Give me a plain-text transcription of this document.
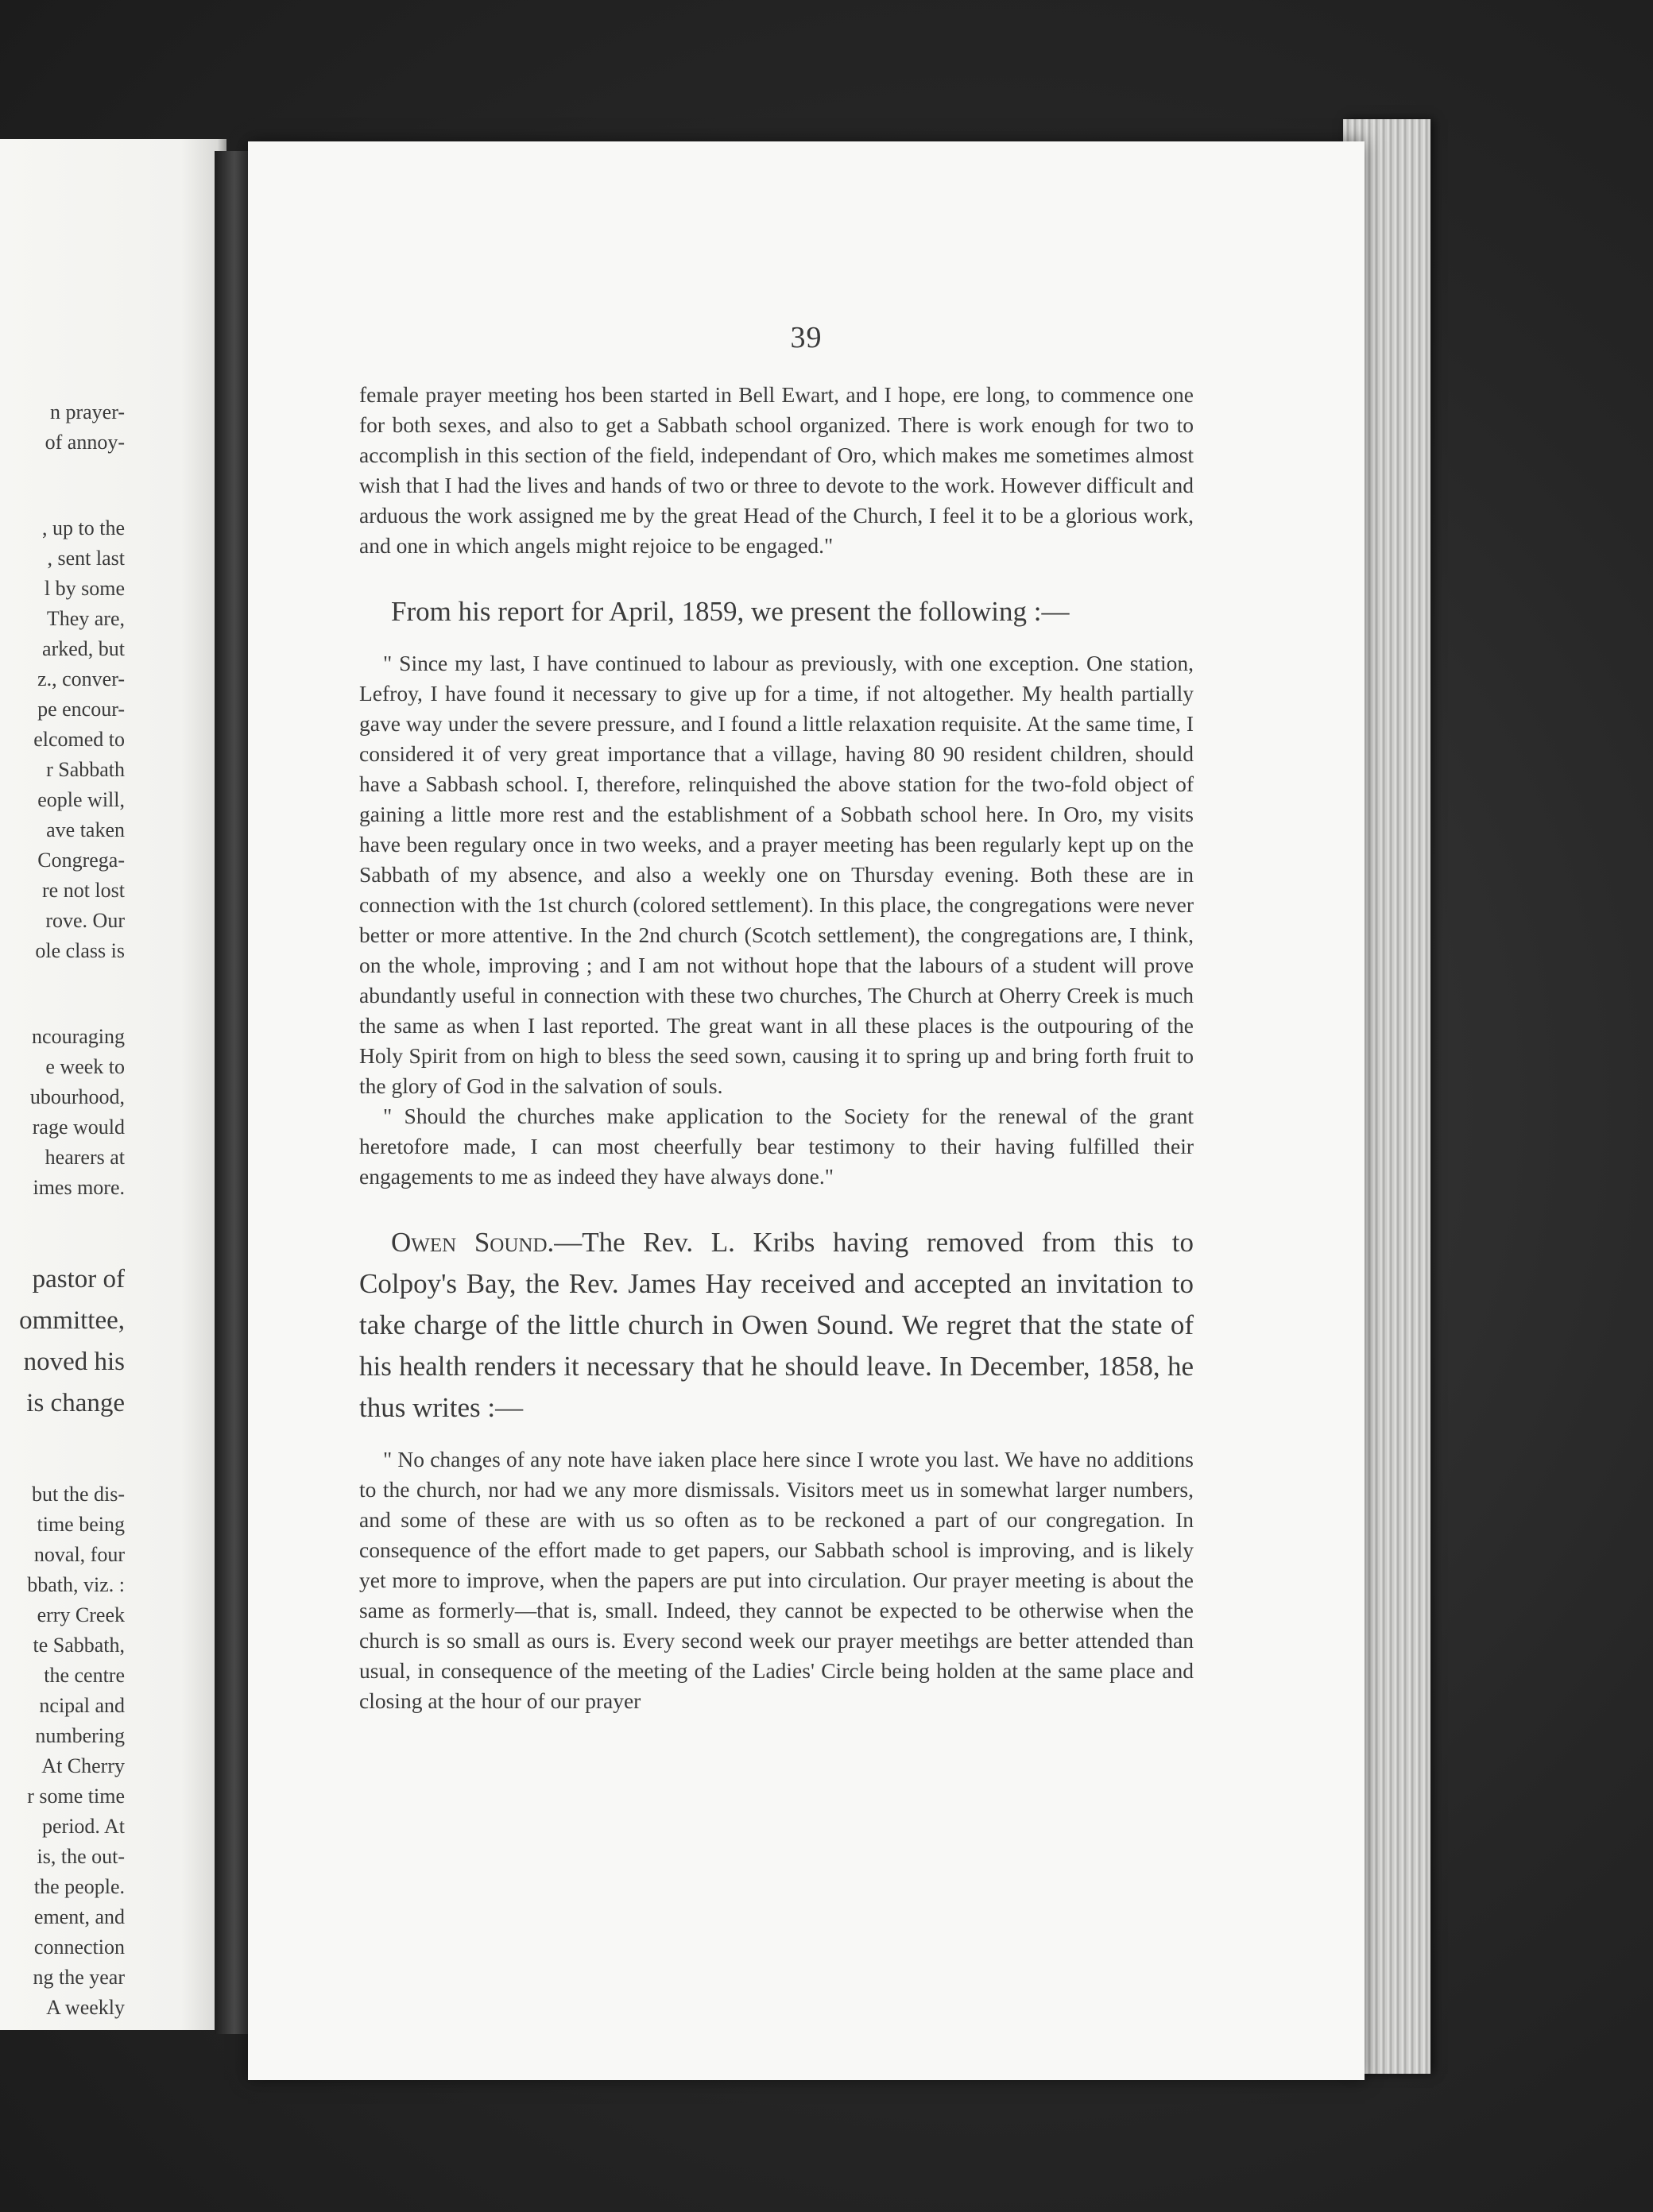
n prayer-
of annoy-
, up to the
, sent last
l by some
They are,
arked, but
z., conver-
pe encour-
elcomed to
r Sabbath
eople will,
ave taken
Congrega-
re not lost
rove. Our
ole class is
ncouraging
e week to
ubourhood,
rage would
hearers at
imes more.
pastor of
ommittee,
noved his
is change
but the dis-
time being
noval, four
bbath, viz. :
erry Creek
te Sabbath,
the centre
ncipal and
numbering
At Cherry
r some time
period. At
is, the out-
the people.
ement, and
connection
ng the year
A weekly
39

female prayer meeting hos been started in Bell Ewart, and I hope, ere long, to commence one for both sexes, and also to get a Sabbath school organized. There is work enough for two to accomplish in this section of the field, independant of Oro, which makes me sometimes almost wish that I had the lives and hands of two or three to devote to the work. However difficult and arduous the work assigned me by the great Head of the Church, I feel it to be a glorious work, and one in which angels might rejoice to be engaged."

From his report for April, 1859, we present the following :—

" Since my last, I have continued to labour as previously, with one exception. One station, Lefroy, I have found it necessary to give up for a time, if not altogether. My health partially gave way under the severe pressure, and I found a little relaxation requisite. At the same time, I considered it of very great importance that a village, having 80 90 resident children, should have a Sabbash school. I, therefore, relinquished the above station for the two-fold object of gaining a little more rest and the establishment of a Sobbath school here. In Oro, my visits have been regulary once in two weeks, and a prayer meeting has been regularly kept up on the Sabbath of my absence, and also a weekly one on Thursday evening. Both these are in connection with the 1st church (colored settlement). In this place, the congregations were never better or more attentive. In the 2nd church (Scotch settlement), the congregations are, I think, on the whole, improving ; and I am not without hope that the labours of a student will prove abundantly useful in connection with these two churches, The Church at Oherry Creek is much the same as when I last reported. The great want in all these places is the outpouring of the Holy Spirit from on high to bless the seed sown, causing it to spring up and bring forth fruit to the glory of God in the salvation of souls.

" Should the churches make application to the Society for the renewal of the grant heretofore made, I can most cheerfully bear testimony to their having fulfilled their engagements to me as indeed they have always done."

Owen Sound.—The Rev. L. Kribs having removed from this to Colpoy's Bay, the Rev. James Hay received and accepted an invitation to take charge of the little church in Owen Sound. We regret that the state of his health renders it necessary that he should leave. In December, 1858, he thus writes :—

" No changes of any note have iaken place here since I wrote you last. We have no additions to the church, nor had we any more dismissals. Visitors meet us in somewhat larger numbers, and some of these are with us so often as to be reckoned a part of our congregation. In consequence of the effort made to get papers, our Sabbath school is improving, and is likely yet more to improve, when the papers are put into circulation. Our prayer meeting is about the same as formerly—that is, small. Indeed, they cannot be expected to be otherwise when the church is so small as ours is. Every second week our prayer meetihgs are better attended than usual, in consequence of the meeting of the Ladies' Circle being holden at the same place and closing at the hour of our prayer
